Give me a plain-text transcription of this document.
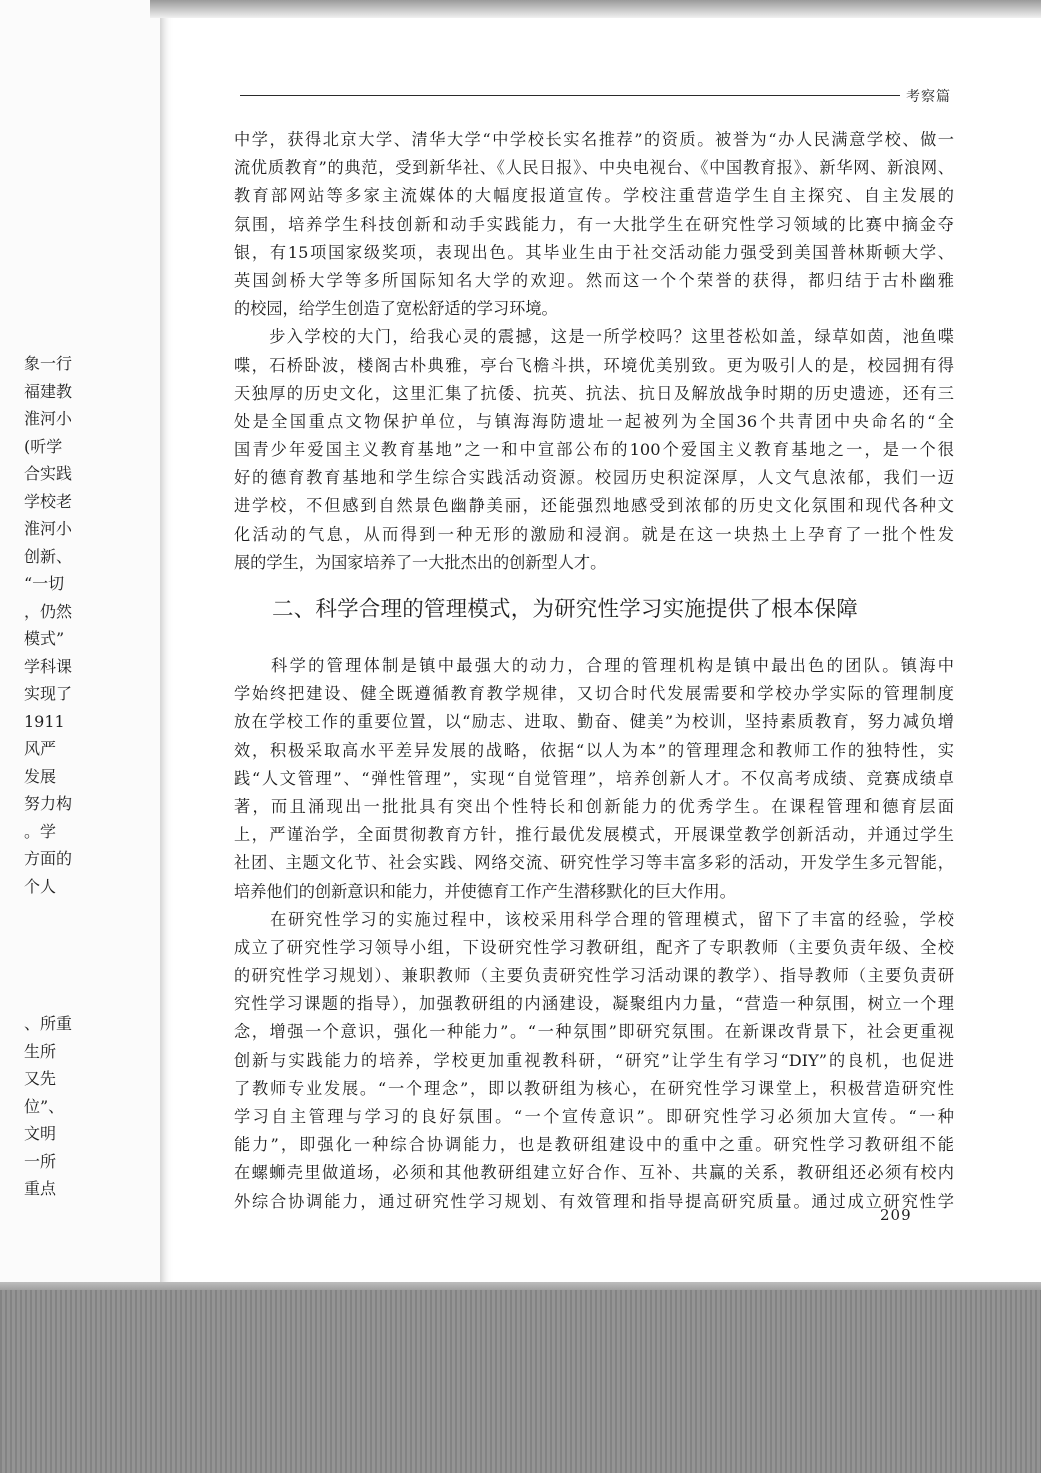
象一行
福建教
淮河小
(听学
合实践
学校老
淮河小
创新、
“一切
，仍然
模式”
学科课
实现了
1911
风严
发展
努力构
。学
方面的
个人
、所重
生所
又先
位”、
文明
一所
重点
考察篇
中学，获得北京大学、清华大学“中学校长实名推荐”的资质。被誉为“办人民满意学校、做一
流优质教育”的典范，受到新华社、《人民日报》、中央电视台、《中国教育报》、新华网、新浪网、
教育部网站等多家主流媒体的大幅度报道宣传。学校注重营造学生自主探究、自主发展的
氛围，培养学生科技创新和动手实践能力，有一大批学生在研究性学习领域的比赛中摘金夺
银，有15项国家级奖项，表现出色。其毕业生由于社交活动能力强受到美国普林斯顿大学、
英国剑桥大学等多所国际知名大学的欢迎。然而这一个个荣誉的获得，都归结于古朴幽雅
的校园，给学生创造了宽松舒适的学习环境。
　　步入学校的大门，给我心灵的震撼，这是一所学校吗？这里苍松如盖，绿草如茵，池鱼喋
喋，石桥卧波，楼阁古朴典雅，亭台飞檐斗拱，环境优美别致。更为吸引人的是，校园拥有得
天独厚的历史文化，这里汇集了抗倭、抗英、抗法、抗日及解放战争时期的历史遗迹，还有三
处是全国重点文物保护单位，与镇海海防遗址一起被列为全国36个共青团中央命名的“全
国青少年爱国主义教育基地”之一和中宣部公布的100个爱国主义教育基地之一，是一个很
好的德育教育基地和学生综合实践活动资源。校园历史积淀深厚，人文气息浓郁，我们一迈
进学校，不但感到自然景色幽静美丽，还能强烈地感受到浓郁的历史文化氛围和现代各种文
化活动的气息，从而得到一种无形的激励和浸润。就是在这一块热土上孕育了一批个性发
展的学生，为国家培养了一大批杰出的创新型人才。
二、科学合理的管理模式，为研究性学习实施提供了根本保障
　　科学的管理体制是镇中最强大的动力，合理的管理机构是镇中最出色的团队。镇海中
学始终把建设、健全既遵循教育教学规律，又切合时代发展需要和学校办学实际的管理制度
放在学校工作的重要位置，以“励志、进取、勤奋、健美”为校训，坚持素质教育，努力减负增
效，积极采取高水平差异发展的战略，依据“以人为本”的管理理念和教师工作的独特性，实
践“人文管理”、“弹性管理”，实现“自觉管理”，培养创新人才。不仅高考成绩、竞赛成绩卓
著，而且涌现出一批批具有突出个性特长和创新能力的优秀学生。在课程管理和德育层面
上，严谨治学，全面贯彻教育方针，推行最优发展模式，开展课堂教学创新活动，并通过学生
社团、主题文化节、社会实践、网络交流、研究性学习等丰富多彩的活动，开发学生多元智能，
培养他们的创新意识和能力，并使德育工作产生潜移默化的巨大作用。
　　在研究性学习的实施过程中，该校采用科学合理的管理模式，留下了丰富的经验，学校
成立了研究性学习领导小组，下设研究性学习教研组，配齐了专职教师（主要负责年级、全校
的研究性学习规划）、兼职教师（主要负责研究性学习活动课的教学）、指导教师（主要负责研
究性学习课题的指导），加强教研组的内涵建设，凝聚组内力量，“营造一种氛围，树立一个理
念，增强一个意识，强化一种能力”。“一种氛围”即研究氛围。在新课改背景下，社会更重视
创新与实践能力的培养，学校更加重视教科研，“研究”让学生有学习“DIY”的良机，也促进
了教师专业发展。“一个理念”，即以教研组为核心，在研究性学习课堂上，积极营造研究性
学习自主管理与学习的良好氛围。“一个宣传意识”。即研究性学习必须加大宣传。“一种
能力”，即强化一种综合协调能力，也是教研组建设中的重中之重。研究性学习教研组不能
在螺蛳壳里做道场，必须和其他教研组建立好合作、互补、共赢的关系，教研组还必须有校内
外综合协调能力，通过研究性学习规划、有效管理和指导提高研究质量。通过成立研究性学
209
